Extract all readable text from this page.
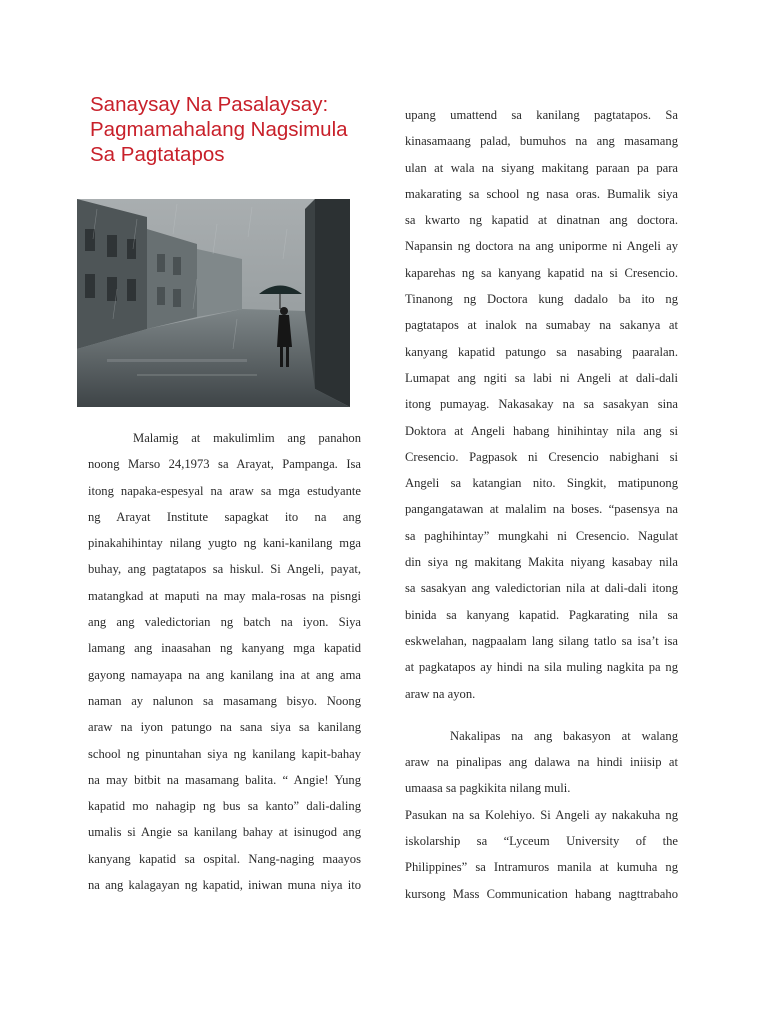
Sanaysay Na Pasalaysay:
Pagmamahalang Nagsimula
Sa Pagtatapos
Malamig at makulimlim ang panahon
noong Marso 24,1973 sa Arayat, Pampanga. Isa
itong napaka-espesyal na araw sa mga estudyante
ng Arayat Institute sapagkat ito na ang
pinakahihintay nilang yugto ng kani-kanilang mga
buhay, ang pagtatapos sa hiskul. Si Angeli, payat,
matangkad at maputi na may mala-rosas na pisngi
ang ang valedictorian ng batch na iyon. Siya
lamang ang inaasahan ng kanyang mga kapatid
gayong namayapa na ang kanilang ina at ang ama
naman ay nalunon sa masamang bisyo. Noong
araw na iyon patungo na sana siya sa kanilang
school ng pinuntahan siya ng kanilang kapit-bahay
na may bitbit na masamang balita. “ Angie! Yung
kapatid mo nahagip ng bus sa kanto” dali-daling
umalis si Angie sa kanilang bahay at isinugod ang
kanyang kapatid sa ospital. Nang-naging maayos
na ang kalagayan ng kapatid, iniwan muna niya ito
upang umattend sa kanilang pagtatapos. Sa
kinasamaang palad, bumuhos na ang masamang
ulan at wala na siyang makitang paraan pa para
makarating sa school ng nasa oras. Bumalik siya
sa kwarto ng kapatid at dinatnan ang doctora.
Napansin ng doctora na ang uniporme ni Angeli ay
kaparehas ng sa kanyang kapatid na si Cresencio.
Tinanong ng Doctora kung dadalo ba ito ng
pagtatapos at inalok na sumabay na sakanya at
kanyang kapatid patungo sa nasabing paaralan.
Lumapat ang ngiti sa labi ni Angeli at dali-dali
itong pumayag. Nakasakay na sa sasakyan sina
Doktora at Angeli habang hinihintay nila ang si
Cresencio. Pagpasok ni Cresencio nabighani si
Angeli sa katangian nito. Singkit, matipunong
pangangatawan at malalim na boses. “pasensya na
sa paghihintay” mungkahi ni Cresencio. Nagulat
din siya ng makitang Makita niyang kasabay nila
sa sasakyan ang valedictorian nila at dali-dali itong
binida sa kanyang kapatid. Pagkarating nila sa
eskwelahan, nagpaalam lang silang tatlo sa isa’t isa
at pagkatapos ay hindi na sila muling nagkita pa ng
araw na ayon.
Nakalipas na ang bakasyon at walang
araw na pinalipas ang dalawa na hindi iniisip at
umaasa sa pagkikita nilang muli.
Pasukan na sa Kolehiyo. Si Angeli ay nakakuha ng
iskolarship sa “Lyceum University of the
Philippines” sa Intramuros manila at kumuha ng
kursong Mass Communication habang nagttrabaho
